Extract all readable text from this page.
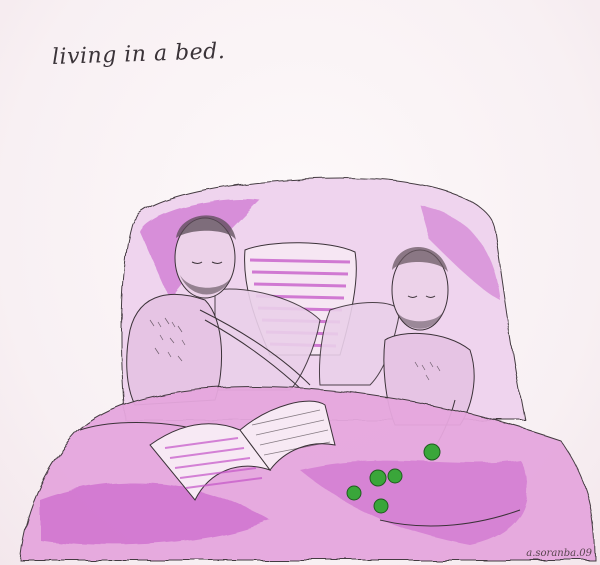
living in a bed.
a.soranba.09
